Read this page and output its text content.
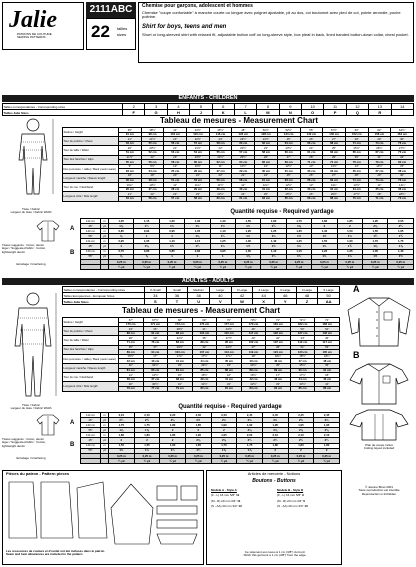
Jalie
PATRONS DE COUTURE
SEWING PATTERNS
2111ABC
22 tailles
sizes
Chemise pour garçons, adolescent et hommes
Chemise "coupe confortable" à manche courte ou longue avec poignet ajustable, pli au dos, col boutonné avec pied de col, pointe arrondie, poche poitrine.
Shirt for boys, teens and men
Short or long-sleeved shirt with relaxed fit, adjustable button cuff on long-sleeve style, box pleat in back, lined banded button-down collar, chest pocket.
ENFANTS - CHILDREN
Tailles correspondantes - Corresponding sizes	2	3	4	5	6	7	8	9	10	11	12	13	14
Tailles Jalie Sizes	F	G	H	J	K	L	M	N	O	P	Q	R	
Tableau de mesures - Measurement Chart
Stature / Height	36"	38½"	41"	43½"	45½"	48"	50½"	52½"	55"	57½"	60"	62"	64½"
	91 cm	98 cm	104 cm	110 cm	116 cm	122 cm	128 cm	134 cm	140 cm	146 cm	152 cm	158 cm	164 cm
Tour de poitrine / Chest	21"	21½"	22"	22½"	23"	23½"	24½"	25"	26"	27"	28"	29"	30"
	53 cm	55 cm	56 cm	57 cm	58 cm	60 cm	62 cm	64 cm	66 cm	68 cm	71 cm	74 cm	76 cm
Tour de taille / Waist	20"	20½"	21"	21½"	22"	22½"	23"	23½"	24"	25"	25½"	26½"	27½"
	51 cm	52 cm	53 cm	54 cm	55 cm	57 cm	58 cm	60 cm	61 cm	63 cm	65 cm	67 cm	70 cm
Tour des hanches / Hips	21½"	22"	23"	23½"	24½"	25½"	26"	27"	28"	29"	30"	31"	32"
	55 cm	56 cm	58 cm	60 cm	62 cm	64 cm	66 cm	69 cm	71 cm	74 cm	76 cm	79 cm	82 cm
Dos (encolure > taille) / Back (neck>waist)	9"	9½"	10"	10½"	11"	11½"	12"	12½"	13"	13½"	14"	14½"	15"
	23 cm	24 cm	25 cm	26 cm	27 cm	29 cm	30 cm	31 cm	33 cm	34 cm	35 cm	37 cm	38 cm
Longueur manche / Sleeve length	18"	19"	20"	21"	22"	23"	24"	25"	26"	27"	28"	29"	30"
	46 cm	48 cm	51 cm	53 cm	56 cm	58 cm	61 cm	63 cm	66 cm	69 cm	71 cm	74 cm	76 cm
Tour du cou / Neckband	10¼"	10½"	11"	11¼"	11½"	12"	12¼"	12½"	13"	13¼"	13½"	14"	14¼"
	26 cm	27 cm	28 cm	29 cm	29 cm	30 cm	31 cm	32 cm	33 cm	34 cm	34 cm	35 cm	36 cm
Longueur côté / Side length	21"	22"	22"	23"	23½"	24"	25"	25½"	26"	26½"	27½"	28"	28½"
	53 cm	56 cm	57 cm	58 cm	60 cm	61 cm	63 cm	65 cm	66 cm	68 cm	70 cm	71 cm	73 cm
Quantité requise - Required yardage
Tissu / Fabric
Largeur du tissu / Fabric Width
Tissus suggérés : Coton, denim léger / Suggested fabric : Cotton, lightweight denim
A
B
114 cm	m	1,05	1,15	1,20	1,30	1,40	1,50	1,60	1,70	1,80	1,85	1,95	2,05
45"	yd	1⅛	1¼	1⅓	1⅓	1½	1⅔	1¾	1⅞	2	2	2⅛	2¼
140 cm	m	0,85	0,90	0,95	1,05	1,10	1,20	1,25	1,35	1,40	1,50	1,55	1,65
55"	yd	⅞	1	1	1⅛	1¼	1⅓	1⅓	1½	1½	1⅔	1¾	1¾
114 cm	m	0,95	1,05	1,10	1,15	1,25	1,30	1,40	1,45	1,55	1,60	1,70	1,75
45"	yd	1	1⅛	1¼	1¼	1⅓	1½	1½	1⅔	1⅔	1¾	1⅞	1⅞
140 cm	m	0,75	0,80	0,85	0,90	0,95	1,00	1,10	1,15	1,20	1,25	1,30	1,40
55"	yd	⅞	⅞	1	1	1	1⅛	1¼	1¼	1⅓	1⅓	1½	1½
		0,25 m	0,25 m	0,25 m	0,25 m	0,25 m	0,25 m	0,25 m	0,25 m	0,25 m	0,25 m	0,25 m	0,25 m
		¼ yd	¼ yd	¼ yd	¼ yd	¼ yd	¼ yd	¼ yd	¼ yd	¼ yd	¼ yd	¼ yd	¼ yd
Entoilage / Interfacing
ADULTES - ADULTS
Tailles correspondantes - Corresponding sizes	X-Small	Small	Medium	Large	X Large	2 Large	3 Large	4 Large	5 Large
Tailles Européennes - European Sizes	34	36	38	40	42	44	46	48	50
Tailles Jalie Sizes	S	T	U	V	W	X	Y	Z	AA
Tableau de mesures - Measurement Chart
Stature / Height	67"	67½"	68"	69"	70"	70½"	71"	71½"	72"
	170 cm	171 cm	173 cm	175 cm	177 cm	179 cm	181 cm	182 cm	183 cm
Tour de poitrine / Chest	34"	36"	38½"	41"	43½"	46"	48"	50"	52"
	86 cm	91 cm	98 cm	104 cm	110 cm	117 cm	122 cm	127 cm	132 cm
Tour de taille / Waist	28"	30"	32½"	35"	37½"	40"	42"	44"	46"
	71 cm	76 cm	83 cm	89 cm	95 cm	102 cm	107 cm	112 cm	117 cm
Tour des hanches / Hips	35"	37"	39½"	42"	44½"	47"	49"	51"	53"
	89 cm	94 cm	100 cm	107 cm	113 cm	119 cm	124 cm	130 cm	135 cm
Dos (encolure > taille) / Back (neck>waist)	16½"	17"	17¼"	17½"	17¾"	18"	18¼"	18½"	18¾"
	42 cm	43 cm	44 cm	44 cm	45 cm	46 cm	46 cm	47 cm	48 cm
Longueur manche / Sleeve length	32"	32½"	33"	33½"	34"	34½"	35"	35½"	36"
	81 cm	83 cm	84 cm	85 cm	86 cm	88 cm	89 cm	90 cm	91 cm
Tour du cou / Neckband	14"	14½"	15"	15½"	16"	16½"	17"	17½"	18"
	36 cm	37 cm	38 cm	39 cm	41 cm	42 cm	43 cm	44 cm	46 cm
Longueur côté / Side length	30"	30½"	31"	31½"	32"	32½"	33"	33½"	34"
	76 cm	77 cm	79 cm	80 cm	81 cm	83 cm	84 cm	85 cm	86 cm
A
B
Plan de coupe inclus
Cutting layout included
Quantité requise - Required yardage
Tissu / Fabric
Largeur du tissu / Fabric Width
Tissus suggérés : Coton, denim léger / Suggested fabric : Cotton, lightweight denim
A
B
114 cm	m	2,10	2,10	2,20	2,30	2,40	2,45	2,45	2,45	2,45
45"	yd	2¼	2¼	2⅓	2½	2⅔	2⅔	2⅔	2⅔	2⅔
140 cm	m	1,75	1,75	1,80	1,85	1,90	1,90	1,95	1,95	1,95
55"	yd	1⅞	1⅞	2	2	2	2⅛	2⅛	2⅛	2⅛
114 cm	m	1,80	1,80	1,85	1,90	1,95	2,00	2,10	2,10	2,10
45"	yd	2	2	2	2⅛	2⅛	2¼	2¼	2¼	2¼
140 cm	m	1,55	1,55	1,60	1,65	1,70	1,75	1,80	1,80	1,80
55"	yd	1⅔	1⅔	1¾	1¾	1⅞	1⅞	2	2	2
		0,25 m	0,25 m	0,25 m	0,25 m	0,25 m	0,25 m	0,25 m	0,25 m	0,25 m
		¼ yd	¼ yd	¼ yd	¼ yd	¼ yd	¼ yd	¼ yd	¼ yd	¼ yd
Entoilage / Interfacing
Pièces du patron - Pattern pieces
Les ressources de couture et d'ourlet ont été incluses dans le patron.
Seam and hem allowances are included in the pattern.
Articles de mercerie - Notions
Boutons - Buttons
Modèle A - Style A
(F - L) 16 mm 5/8" 11
(M - R) 20 mm 3/4" 11
(S - AA) 20 mm 3/4" 12
Modèle B - Style B
(F - L) 16 mm 5/8" 9
(M - R) 20 mm 3/4" 9
(S - AA) 20 mm 3/4" 10
Ce vêtement est cousu à 1 cm (3/8") du bord.
Stitch this garment a 1 cm (3/8") from the edge.
© Jeanne Binet 2001
Toute reproduction est interdite
Reproduction is forbidden
